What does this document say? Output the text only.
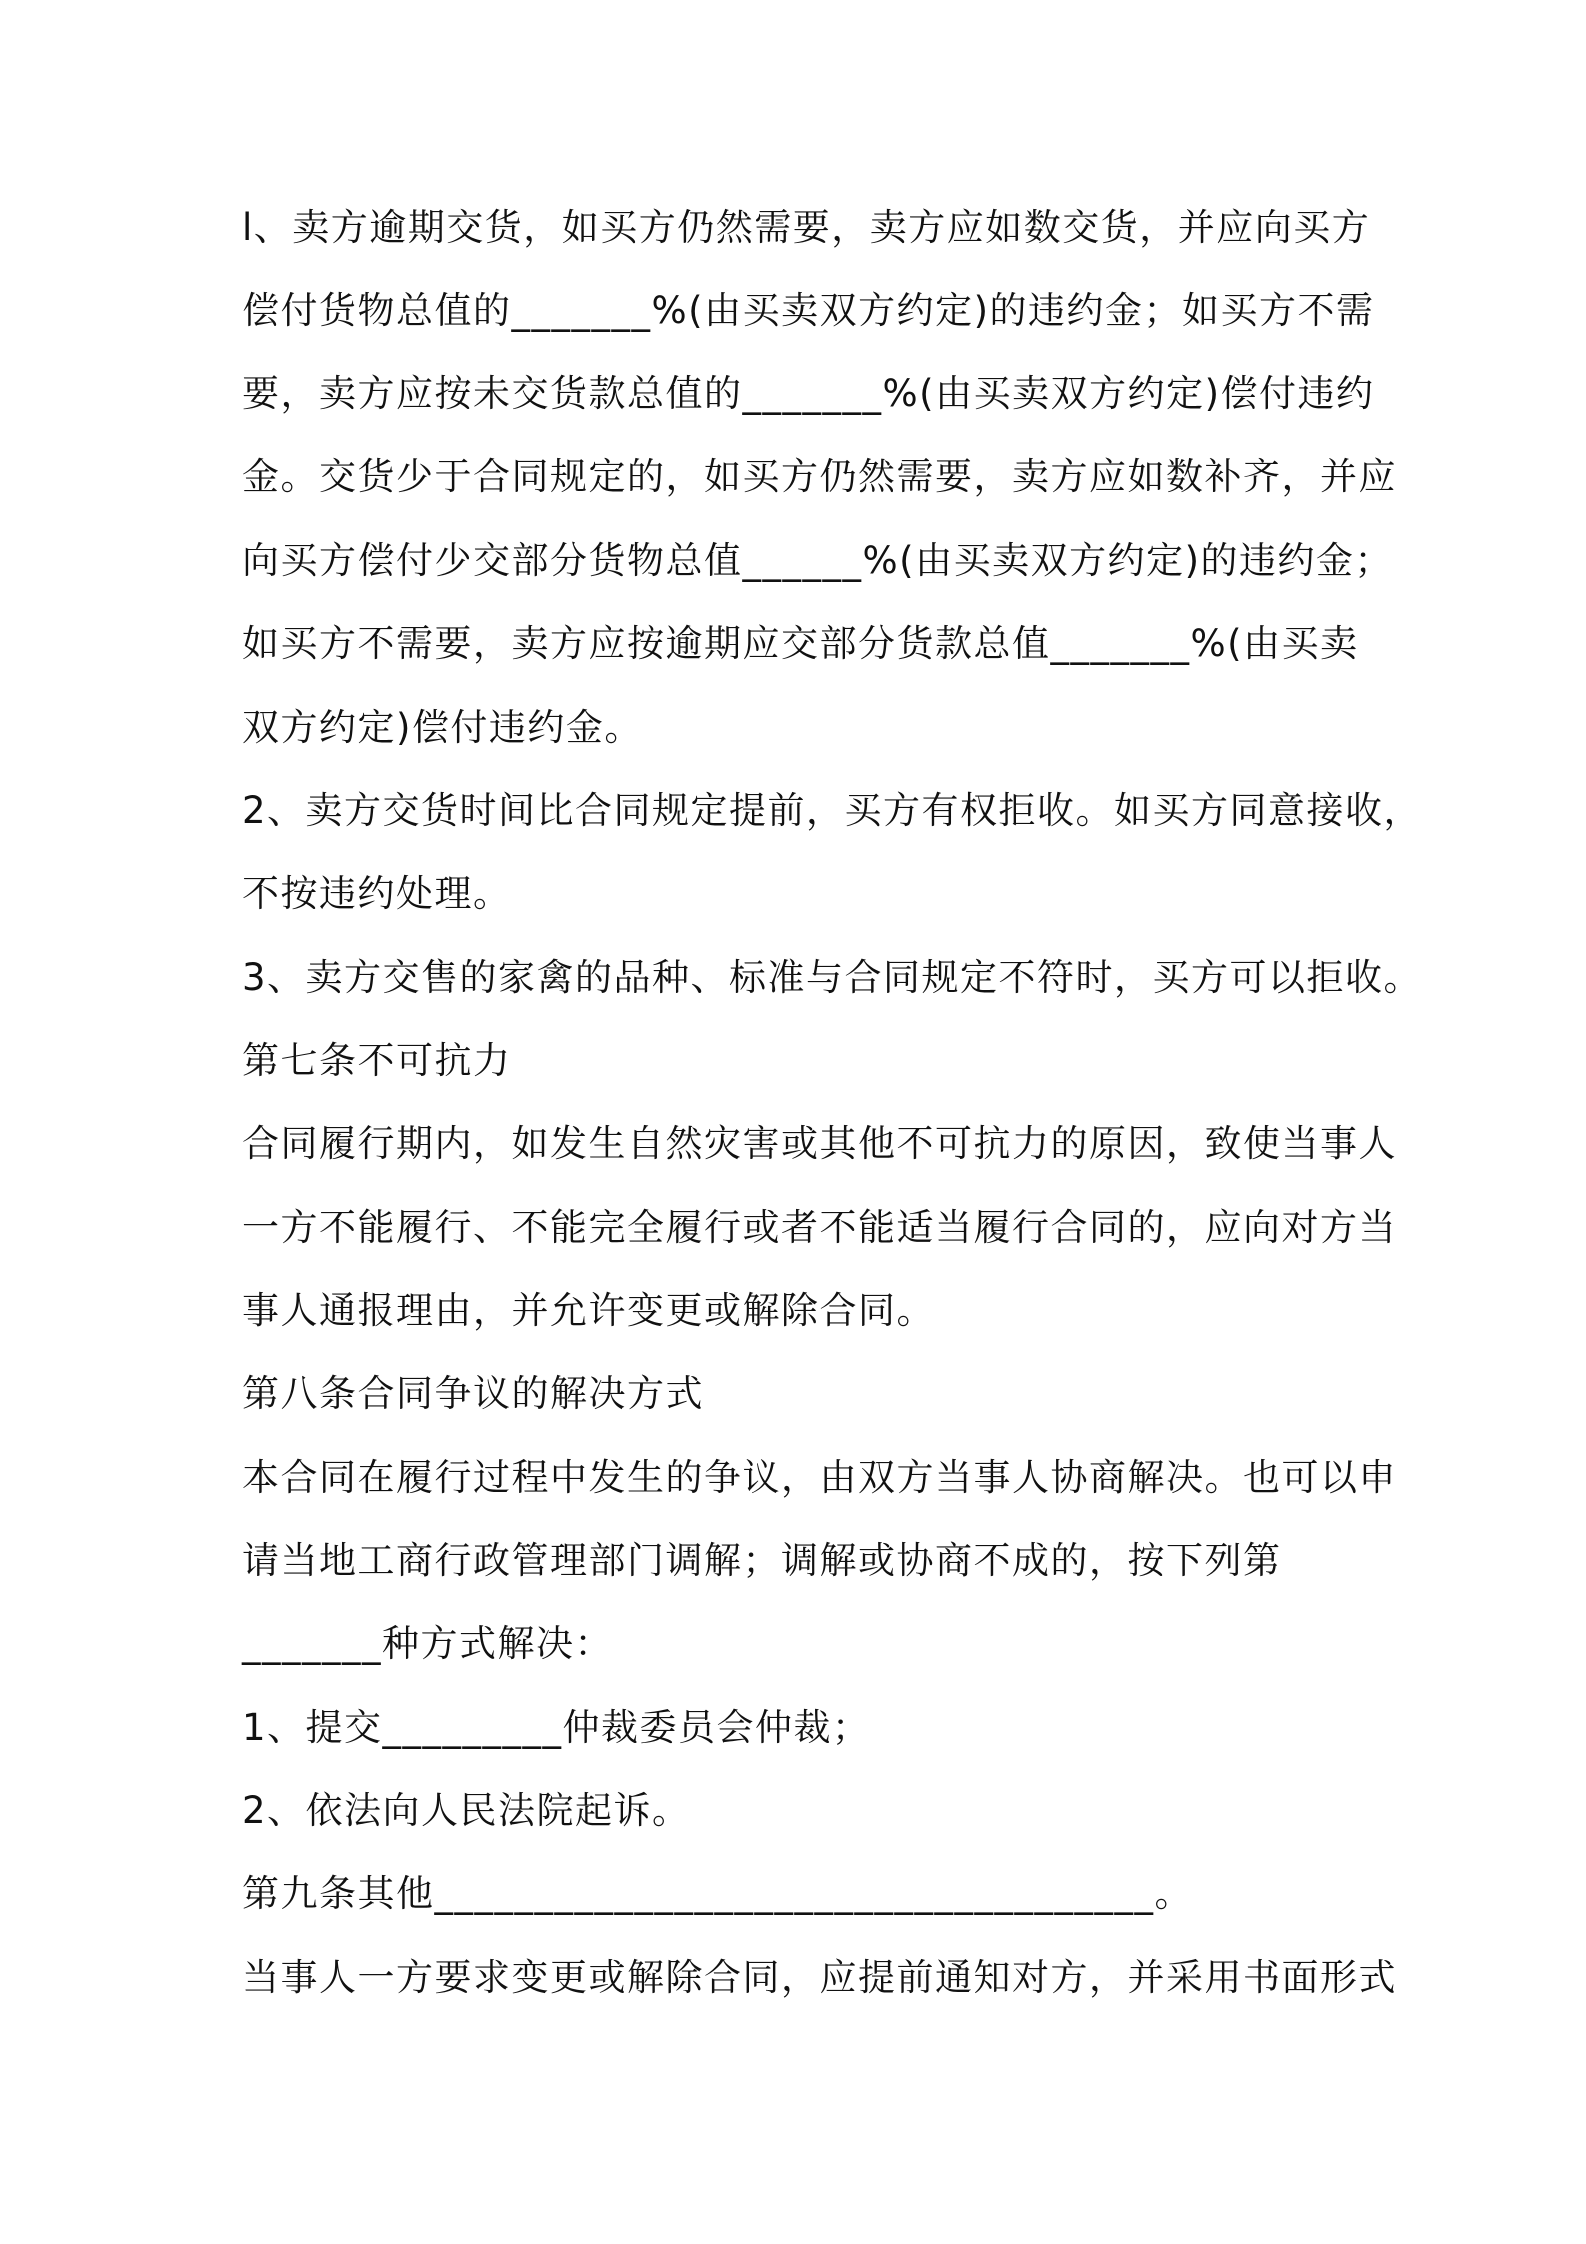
l、卖方逾期交货，如买方仍然需要，卖方应如数交货，并应向买方
偿付货物总值的_______%(由买卖双方约定)的违约金；如买方不需
要，卖方应按未交货款总值的_______%(由买卖双方约定)偿付违约
金。交货少于合同规定的，如买方仍然需要，卖方应如数补齐，并应
向买方偿付少交部分货物总值______%(由买卖双方约定)的违约金；
如买方不需要，卖方应按逾期应交部分货款总值_______%(由买卖
双方约定)偿付违约金。
2、卖方交货时间比合同规定提前，买方有权拒收。如买方同意接收，
不按违约处理。
3、卖方交售的家禽的品种、标准与合同规定不符时，买方可以拒收。
第七条不可抗力
合同履行期内，如发生自然灾害或其他不可抗力的原因，致使当事人
一方不能履行、不能完全履行或者不能适当履行合同的，应向对方当
事人通报理由，并允许变更或解除合同。
第八条合同争议的解决方式
本合同在履行过程中发生的争议，由双方当事人协商解决。也可以申
请当地工商行政管理部门调解；调解或协商不成的，按下列第
_______种方式解决：
1、提交_________仲裁委员会仲裁；
2、依法向人民法院起诉。
第九条其他____________________________________。
当事人一方要求变更或解除合同，应提前通知对方，并采用书面形式
